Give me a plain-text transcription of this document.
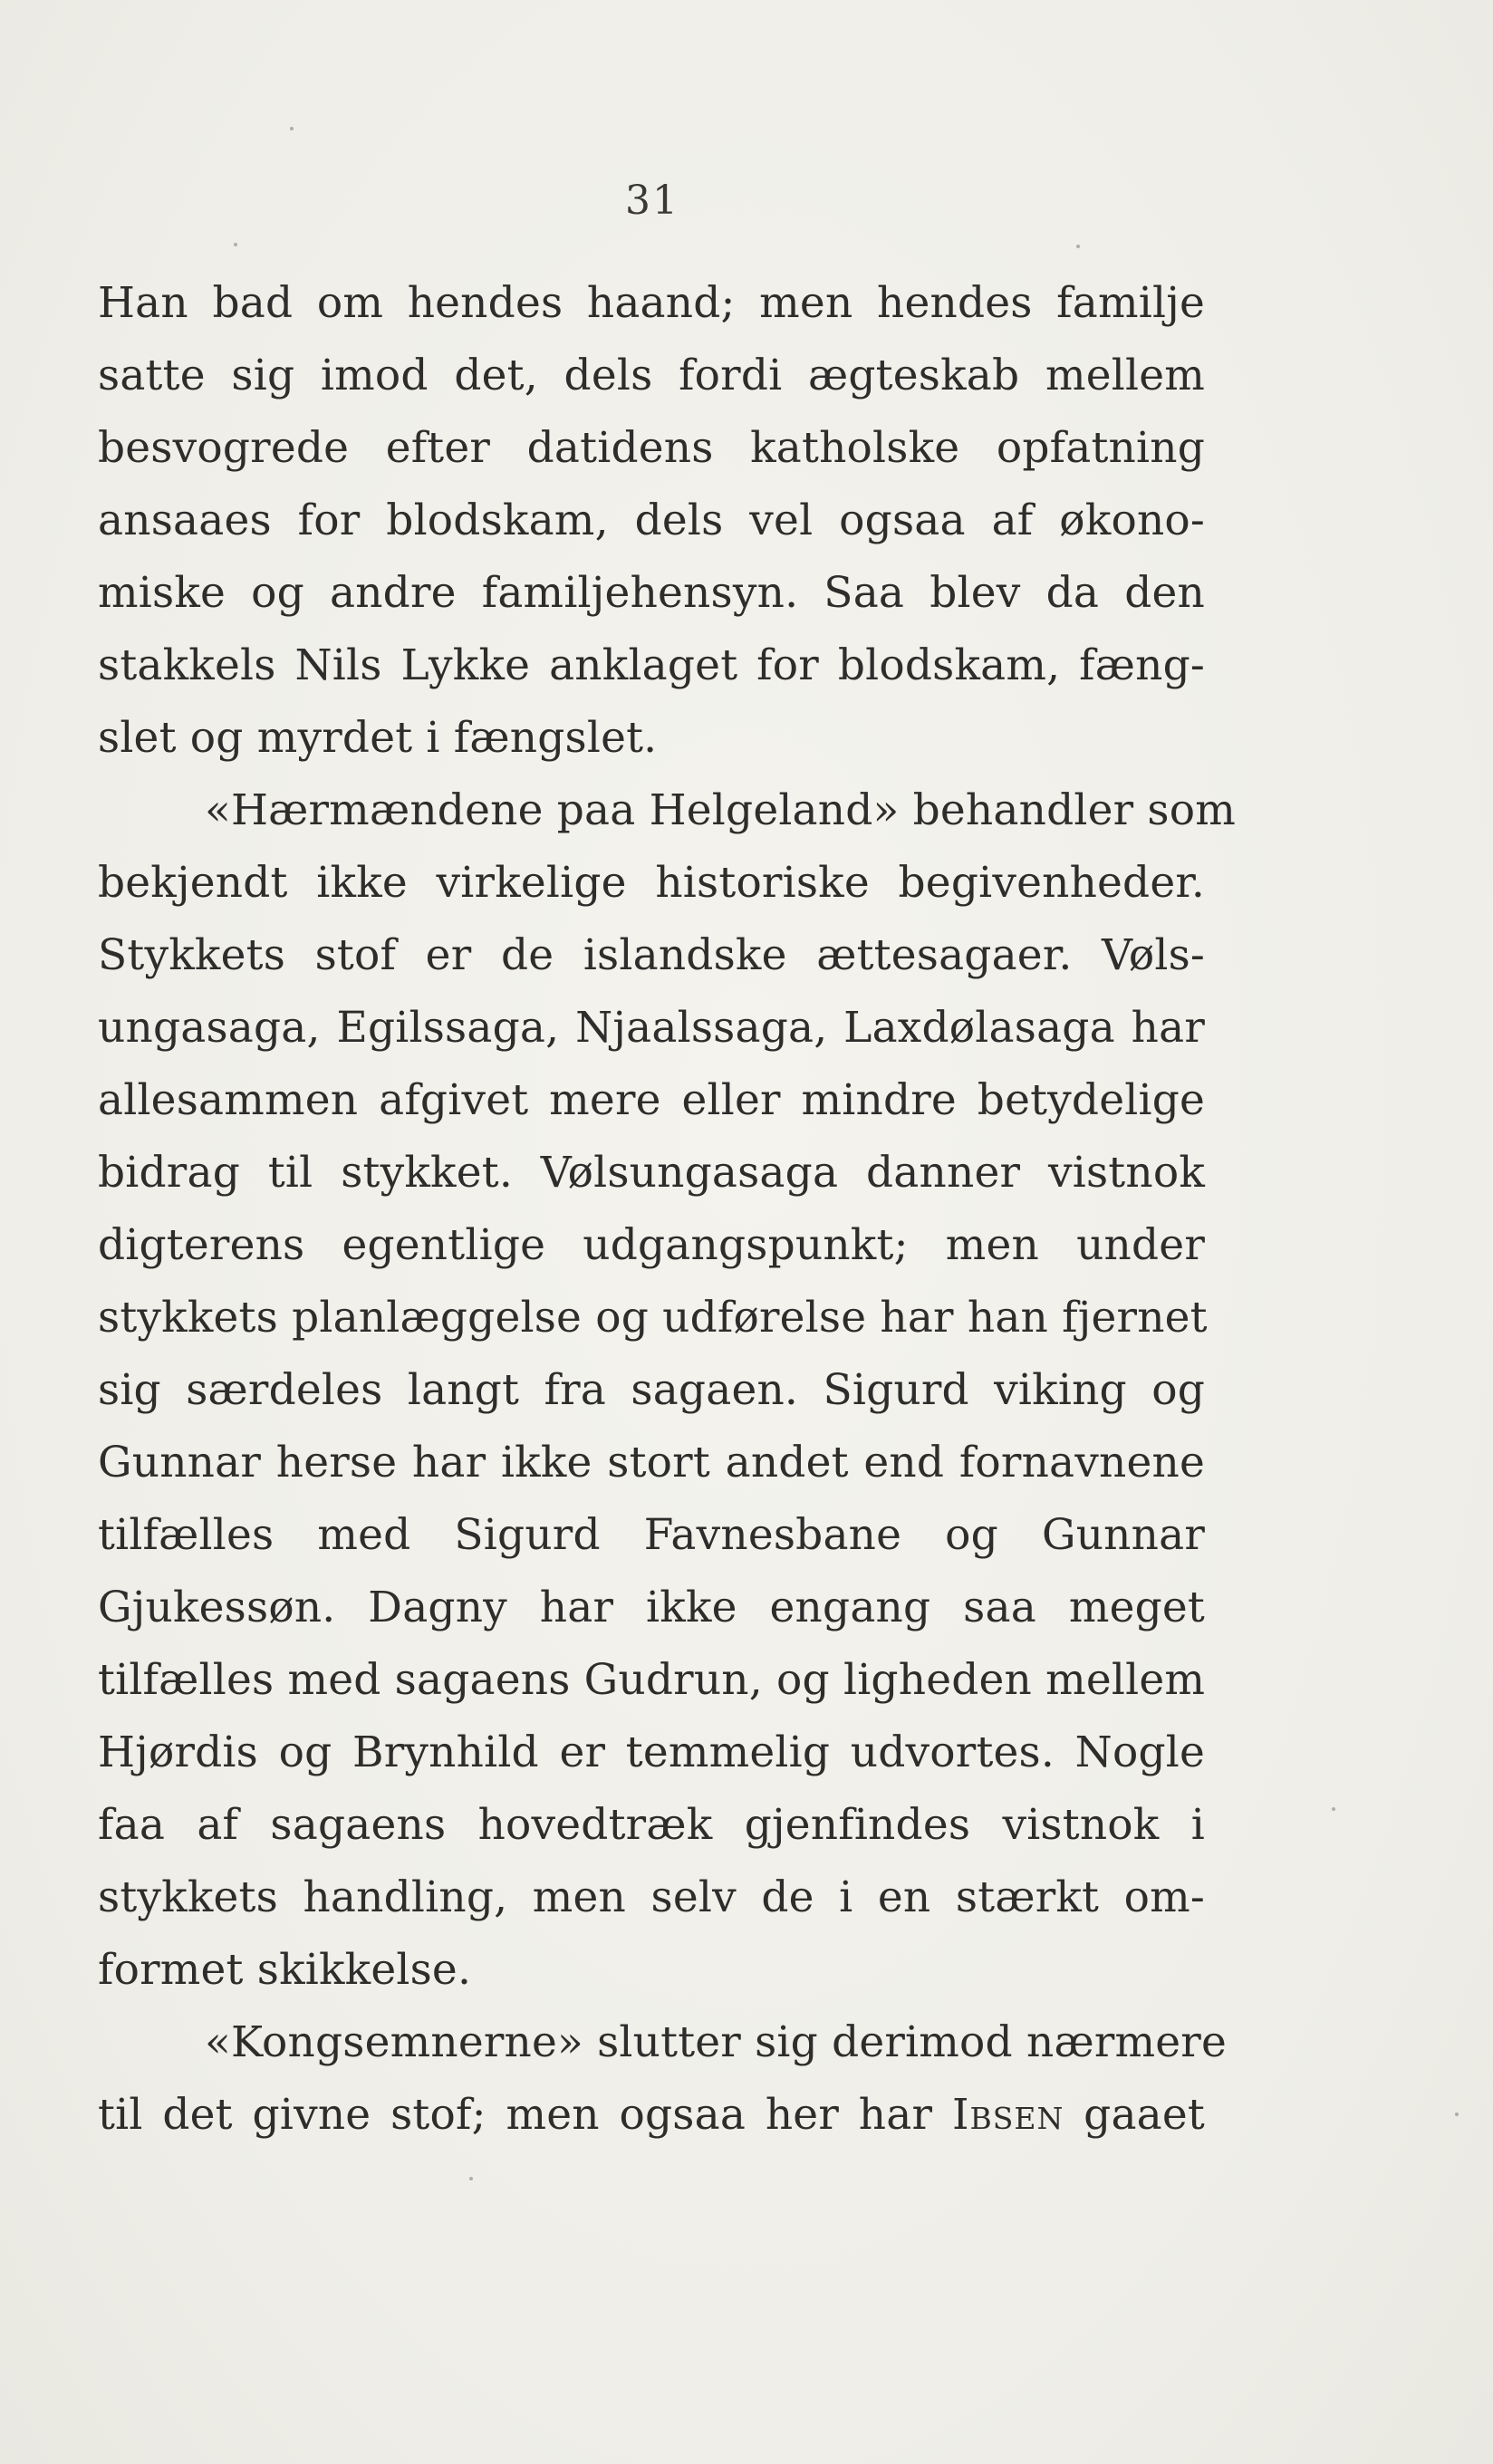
31
Han bad om hendes haand; men hendes familje
satte sig imod det, dels fordi ægteskab mellem
besvogrede efter datidens katholske opfatning
ansaaes for blodskam, dels vel ogsaa af økono-
miske og andre familjehensyn. Saa blev da den
stakkels Nils Lykke anklaget for blodskam, fæng-
slet og myrdet i fængslet.
«Hærmændene paa Helgeland» behandler som
bekjendt ikke virkelige historiske begivenheder.
Stykkets stof er de islandske ættesagaer. Vøls-
ungasaga, Egilssaga, Njaalssaga, Laxdølasaga har
allesammen afgivet mere eller mindre betydelige
bidrag til stykket. Vølsungasaga danner vistnok
digterens egentlige udgangspunkt; men under
stykkets planlæggelse og udførelse har han fjernet
sig særdeles langt fra sagaen. Sigurd viking og
Gunnar herse har ikke stort andet end fornavnene
tilfælles med Sigurd Favnesbane og Gunnar
Gjukessøn. Dagny har ikke engang saa meget
tilfælles med sagaens Gudrun, og ligheden mellem
Hjørdis og Brynhild er temmelig udvortes. Nogle
faa af sagaens hovedtræk gjenfindes vistnok i
stykkets handling, men selv de i en stærkt om-
formet skikkelse.
«Kongsemnerne» slutter sig derimod nærmere
til det givne stof; men ogsaa her har Ibsen gaaet
